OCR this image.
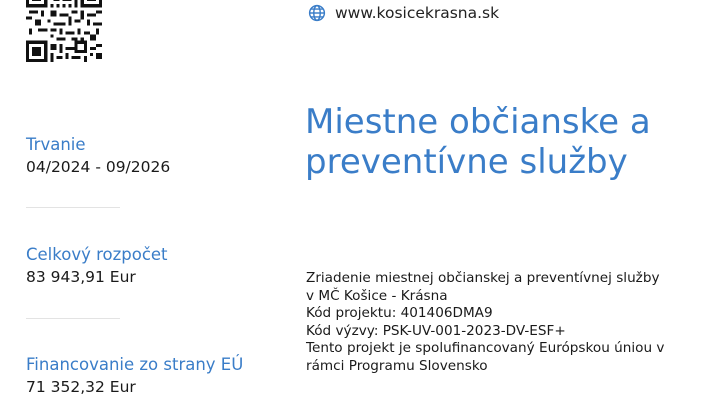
www.kosicekrasna.sk
Miestne občianske a
preventívne služby
Trvanie
04/2024 - 09/2026
Celkový rozpočet
83 943,91 Eur
Financovanie zo strany EÚ
71 352,32 Eur
Zriadenie miestnej občianskej a preventívnej služby
v MČ Košice - Krásna
Kód projektu: 401406DMA9
Kód výzvy: PSK-UV-001-2023-DV-ESF+
Tento projekt je spolufinancovaný Európskou úniou v
rámci Programu Slovensko
